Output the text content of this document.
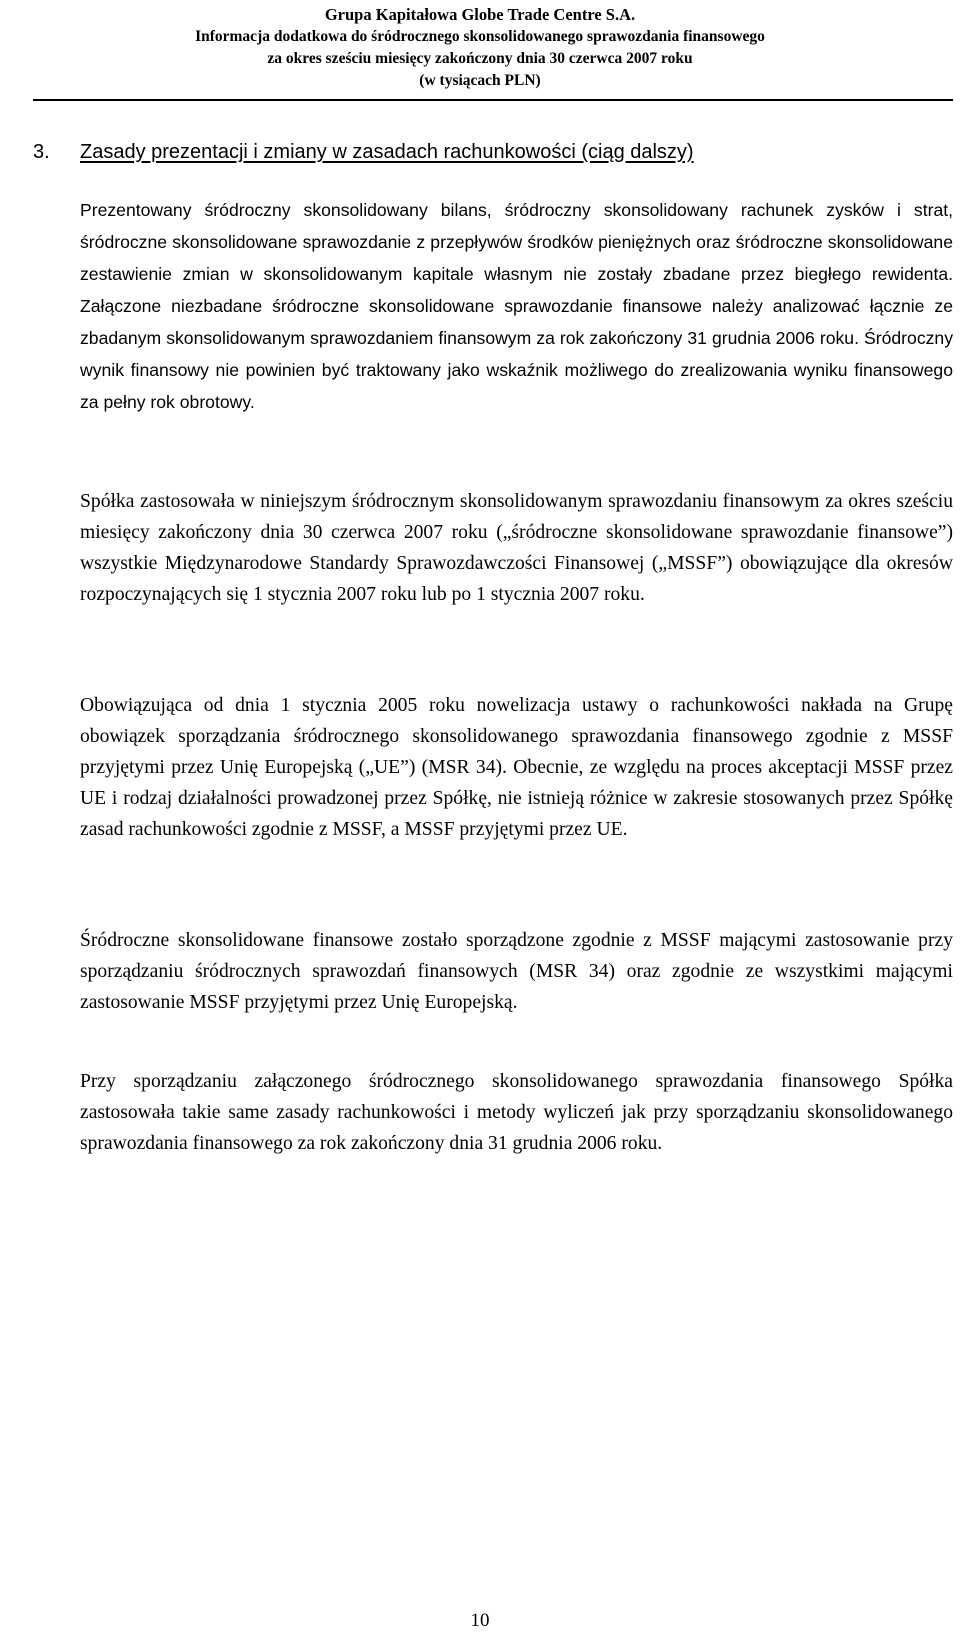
Grupa Kapitałowa Globe Trade Centre S.A.
Informacja dodatkowa do śródrocznego skonsolidowanego sprawozdania finansowego
za okres sześciu miesięcy zakończony dnia 30 czerwca 2007 roku
(w tysiącach PLN)
3. Zasady prezentacji i zmiany w zasadach rachunkowości (ciąg dalszy)

Prezentowany śródroczny skonsolidowany bilans, śródroczny skonsolidowany rachunek zysków i strat, śródroczne skonsolidowane sprawozdanie z przepływów środków pieniężnych oraz śródroczne skonsolidowane zestawienie zmian w skonsolidowanym kapitale własnym nie zostały zbadane przez biegłego rewidenta. Załączone niezbadane śródroczne skonsolidowane sprawozdanie finansowe należy analizować łącznie ze zbadanym skonsolidowanym sprawozdaniem finansowym za rok zakończony 31 grudnia 2006 roku. Śródroczny wynik finansowy nie powinien być traktowany jako wskaźnik możliwego do zrealizowania wyniku finansowego za pełny rok obrotowy.

Spółka zastosowała w niniejszym śródrocznym skonsolidowanym sprawozdaniu finansowym za okres sześciu miesięcy zakończony dnia 30 czerwca 2007 roku („śródroczne skonsolidowane sprawozdanie finansowe”) wszystkie Międzynarodowe Standardy Sprawozdawczości Finansowej („MSSF”) obowiązujące dla okresów rozpoczynających się 1 stycznia 2007 roku lub po 1 stycznia 2007 roku.

Obowiązująca od dnia 1 stycznia 2005 roku nowelizacja ustawy o rachunkowości nakłada na Grupę obowiązek sporządzania śródrocznego skonsolidowanego sprawozdania finansowego zgodnie z MSSF przyjętymi przez Unię Europejską („UE”) (MSR 34). Obecnie, ze względu na proces akceptacji MSSF przez UE i rodzaj działalności prowadzonej przez Spółkę, nie istnieją różnice w zakresie stosowanych przez Spółkę zasad rachunkowości zgodnie z MSSF, a MSSF przyjętymi przez UE.

Śródroczne skonsolidowane finansowe zostało sporządzone zgodnie z MSSF mającymi zastosowanie przy sporządzaniu śródrocznych sprawozdań finansowych (MSR 34) oraz zgodnie ze wszystkimi mającymi zastosowanie MSSF przyjętymi przez Unię Europejską.

Przy sporządzaniu załączonego śródrocznego skonsolidowanego sprawozdania finansowego Spółka zastosowała takie same zasady rachunkowości i metody wyliczeń jak przy sporządzaniu skonsolidowanego sprawozdania finansowego za rok zakończony dnia 31 grudnia 2006 roku.

10
